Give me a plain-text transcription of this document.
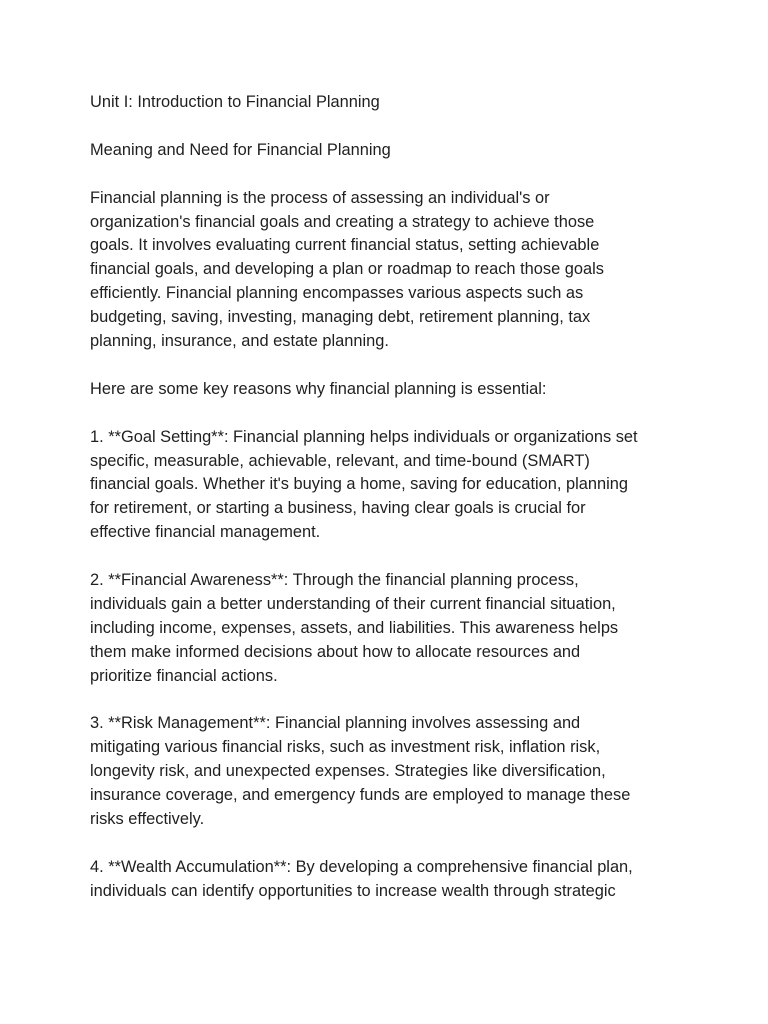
Unit I: Introduction to Financial Planning

Meaning and Need for Financial Planning

Financial planning is the process of assessing an individual's or
organization's financial goals and creating a strategy to achieve those
goals. It involves evaluating current financial status, setting achievable
financial goals, and developing a plan or roadmap to reach those goals
efficiently. Financial planning encompasses various aspects such as
budgeting, saving, investing, managing debt, retirement planning, tax
planning, insurance, and estate planning.

Here are some key reasons why financial planning is essential:

1. **Goal Setting**: Financial planning helps individuals or organizations set
specific, measurable, achievable, relevant, and time-bound (SMART)
financial goals. Whether it's buying a home, saving for education, planning
for retirement, or starting a business, having clear goals is crucial for
effective financial management.

2. **Financial Awareness**: Through the financial planning process,
individuals gain a better understanding of their current financial situation,
including income, expenses, assets, and liabilities. This awareness helps
them make informed decisions about how to allocate resources and
prioritize financial actions.

3. **Risk Management**: Financial planning involves assessing and
mitigating various financial risks, such as investment risk, inflation risk,
longevity risk, and unexpected expenses. Strategies like diversification,
insurance coverage, and emergency funds are employed to manage these
risks effectively.

4. **Wealth Accumulation**: By developing a comprehensive financial plan,
individuals can identify opportunities to increase wealth through strategic
